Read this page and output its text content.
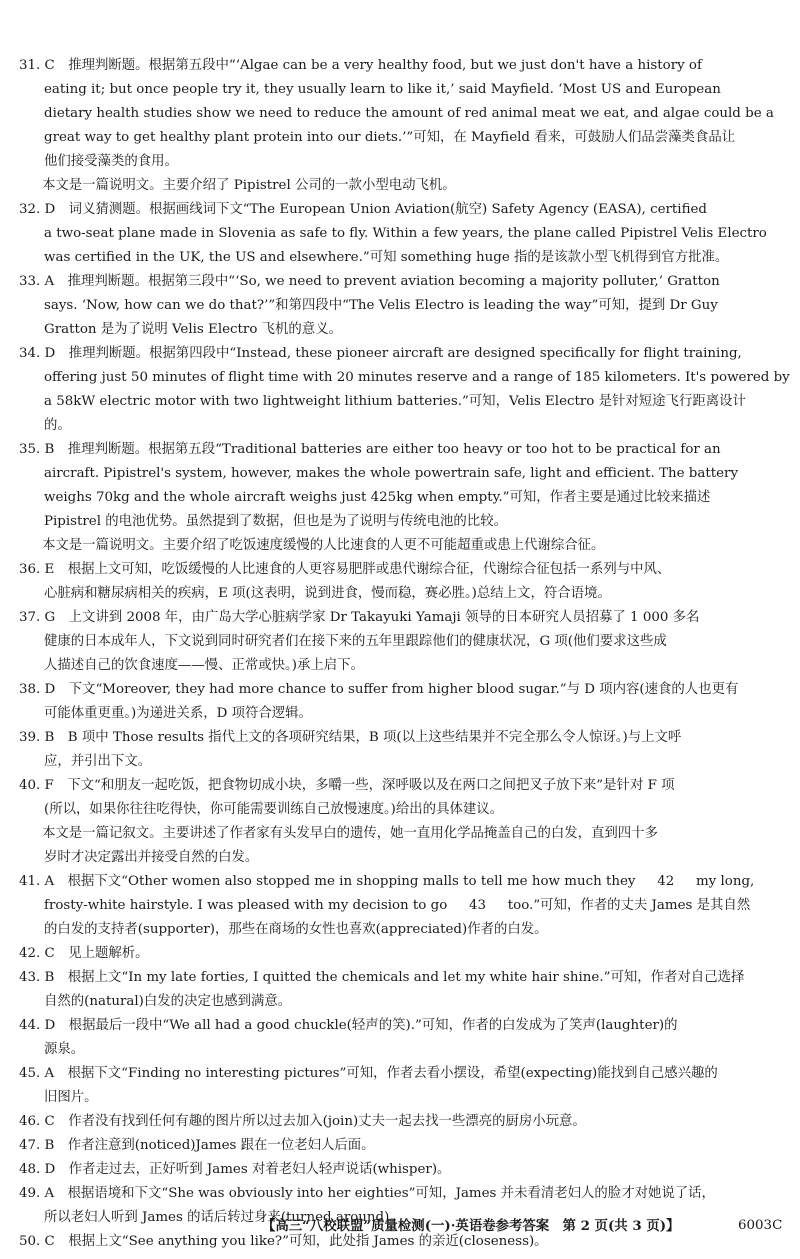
31. C　推理判断题。根据第五段中“‘Algae can be a very healthy food, but we just don't have a history of
eating it; but once people try it, they usually learn to like it,’ said Mayfield. ‘Most US and European
dietary health studies show we need to reduce the amount of red animal meat we eat, and algae could be a
great way to get healthy plant protein into our diets.’”可知，在 Mayfield 看来，可鼓励人们品尝藻类食品让
他们接受藻类的食用。
本文是一篇说明文。主要介绍了 Pipistrel 公司的一款小型电动飞机。
32. D　词义猜测题。根据画线词下文“The European Union Aviation(航空) Safety Agency (EASA), certified
a two-seat plane made in Slovenia as safe to fly. Within a few years, the plane called Pipistrel Velis Electro
was certified in the UK, the US and elsewhere.”可知 something huge 指的是该款小型飞机得到官方批准。
33. A　推理判断题。根据第三段中“‘So, we need to prevent aviation becoming a majority polluter,’ Gratton
says. ‘Now, how can we do that?’”和第四段中“The Velis Electro is leading the way”可知，提到 Dr Guy
Gratton 是为了说明 Velis Electro 飞机的意义。
34. D　推理判断题。根据第四段中“Instead, these pioneer aircraft are designed specifically for flight training,
offering just 50 minutes of flight time with 20 minutes reserve and a range of 185 kilometers. It's powered by
a 58kW electric motor with two lightweight lithium batteries.”可知，Velis Electro 是针对短途飞行距离设计
的。
35. B　推理判断题。根据第五段“Traditional batteries are either too heavy or too hot to be practical for an
aircraft. Pipistrel's system, however, makes the whole powertrain safe, light and efficient. The battery
weighs 70kg and the whole aircraft weighs just 425kg when empty.”可知，作者主要是通过比较来描述
Pipistrel 的电池优势。虽然提到了数据，但也是为了说明与传统电池的比较。
本文是一篇说明文。主要介绍了吃饭速度缓慢的人比速食的人更不可能超重或患上代谢综合征。
36. E　根据上文可知，吃饭缓慢的人比速食的人更容易肥胖或患代谢综合征，代谢综合征包括一系列与中风、
心脏病和糖尿病相关的疾病，E 项(这表明，说到进食，慢而稳，赛必胜。)总结上文，符合语境。
37. G　上文讲到 2008 年，由广岛大学心脏病学家 Dr Takayuki Yamaji 领导的日本研究人员招募了 1 000 多名
健康的日本成年人，下文说到同时研究者们在接下来的五年里跟踪他们的健康状况，G 项(他们要求这些成
人描述自己的饮食速度——慢、正常或快。)承上启下。
38. D　下文“Moreover, they had more chance to suffer from higher blood sugar.”与 D 项内容(速食的人也更有
可能体重更重。)为递进关系，D 项符合逻辑。
39. B　B 项中 Those results 指代上文的各项研究结果，B 项(以上这些结果并不完全那么令人惊讶。)与上文呼
应，并引出下文。
40. F　下文“和朋友一起吃饭，把食物切成小块，多嚼一些，深呼吸以及在两口之间把叉子放下来”是针对 F 项
(所以，如果你往往吃得快，你可能需要训练自己放慢速度。)给出的具体建议。
本文是一篇记叙文。主要讲述了作者家有头发早白的遗传，她一直用化学品掩盖自己的白发，直到四十多
岁时才决定露出并接受自然的白发。
41. A　根据下文“Other women also stopped me in shopping malls to tell me how much they 42 my long,
frosty-white hairstyle. I was pleased with my decision to go 43 too.”可知，作者的丈夫 James 是其自然
的白发的支持者(supporter)，那些在商场的女性也喜欢(appreciated)作者的白发。
42. C　见上题解析。
43. B　根据上文“In my late forties, I quitted the chemicals and let my white hair shine.”可知，作者对自己选择
自然的(natural)白发的决定也感到满意。
44. D　根据最后一段中“We all had a good chuckle(轻声的笑).”可知，作者的白发成为了笑声(laughter)的
源泉。
45. A　根据下文“Finding no interesting pictures”可知，作者去看小摆设，希望(expecting)能找到自己感兴趣的
旧图片。
46. C　作者没有找到任何有趣的图片所以过去加入(join)丈夫一起去找一些漂亮的厨房小玩意。
47. B　作者注意到(noticed)James 跟在一位老妇人后面。
48. D　作者走过去，正好听到 James 对着老妇人轻声说话(whisper)。
49. A　根据语境和下文“She was obviously into her eighties”可知，James 并未看清老妇人的脸才对她说了话，
所以老妇人听到 James 的话后转过身来(turned around)。
50. C　根据上文“See anything you like?”可知，此处指 James 的亲近(closeness)。
【高三“八校联盟”质量检测(一)·英语卷参考答案　第 2 页(共 3 页)】	6003C
